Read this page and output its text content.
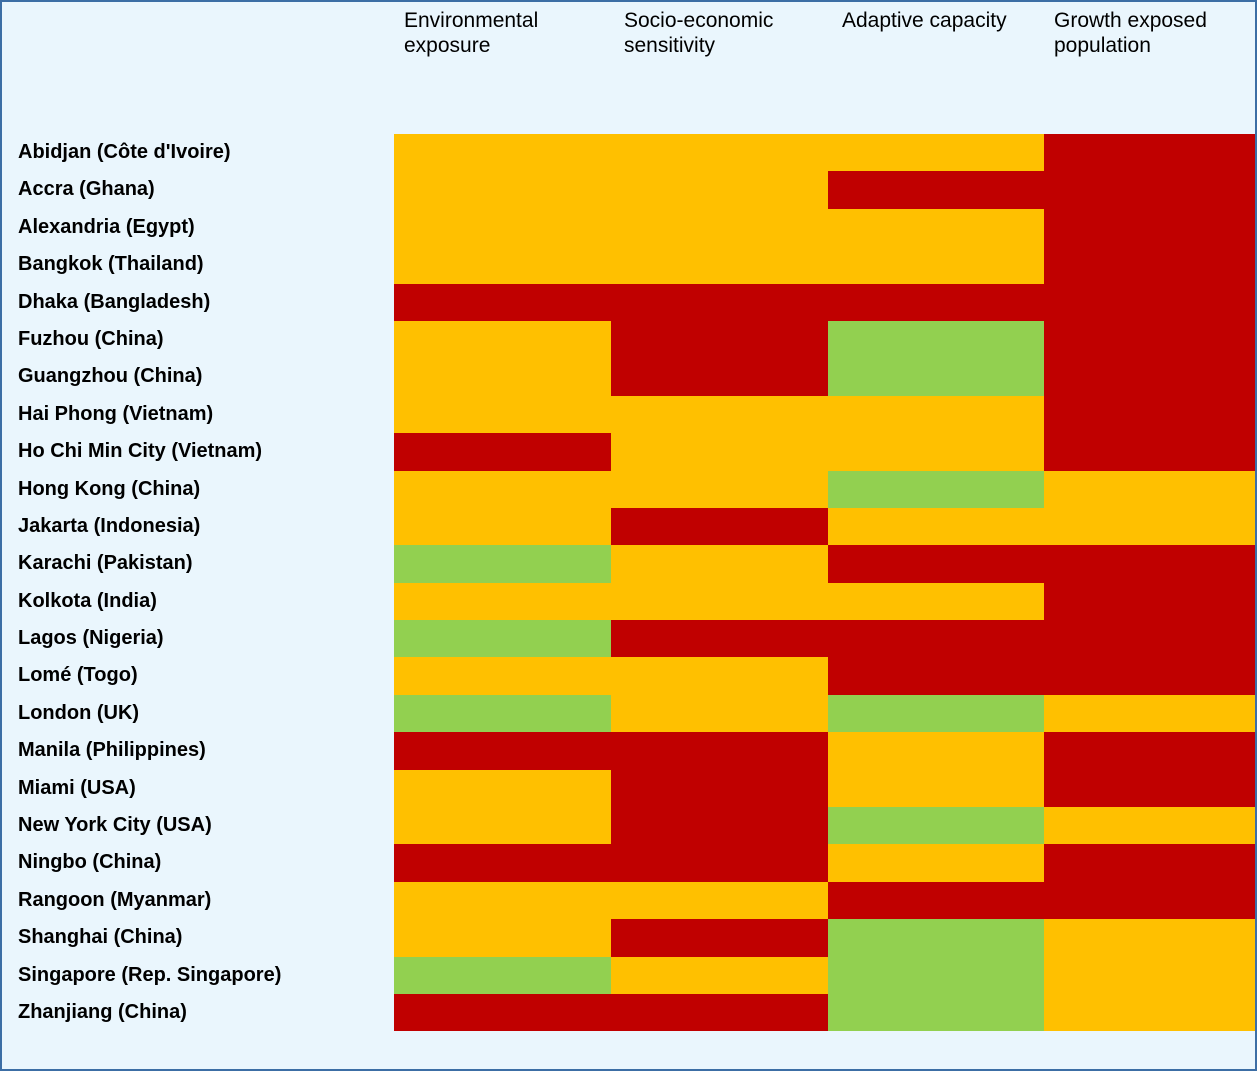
Environmental exposure
Socio-economic sensitivity
Adaptive capacity	Growth exposed population
Abidjan (Côte d'Ivoire)
Accra (Ghana)
Alexandria (Egypt)
Bangkok (Thailand)
Dhaka (Bangladesh)
Fuzhou (China)
Guangzhou (China)
Hai Phong (Vietnam)
Ho Chi Min City (Vietnam)
Hong Kong (China)
Jakarta (Indonesia)
Karachi (Pakistan)
Kolkota (India)
Lagos (Nigeria)
Lomé (Togo)
London (UK)
Manila (Philippines)
Miami (USA)
New York City (USA)
Ningbo (China)
Rangoon (Myanmar)
Shanghai (China)
Singapore (Rep. Singapore)
Zhanjiang (China)
